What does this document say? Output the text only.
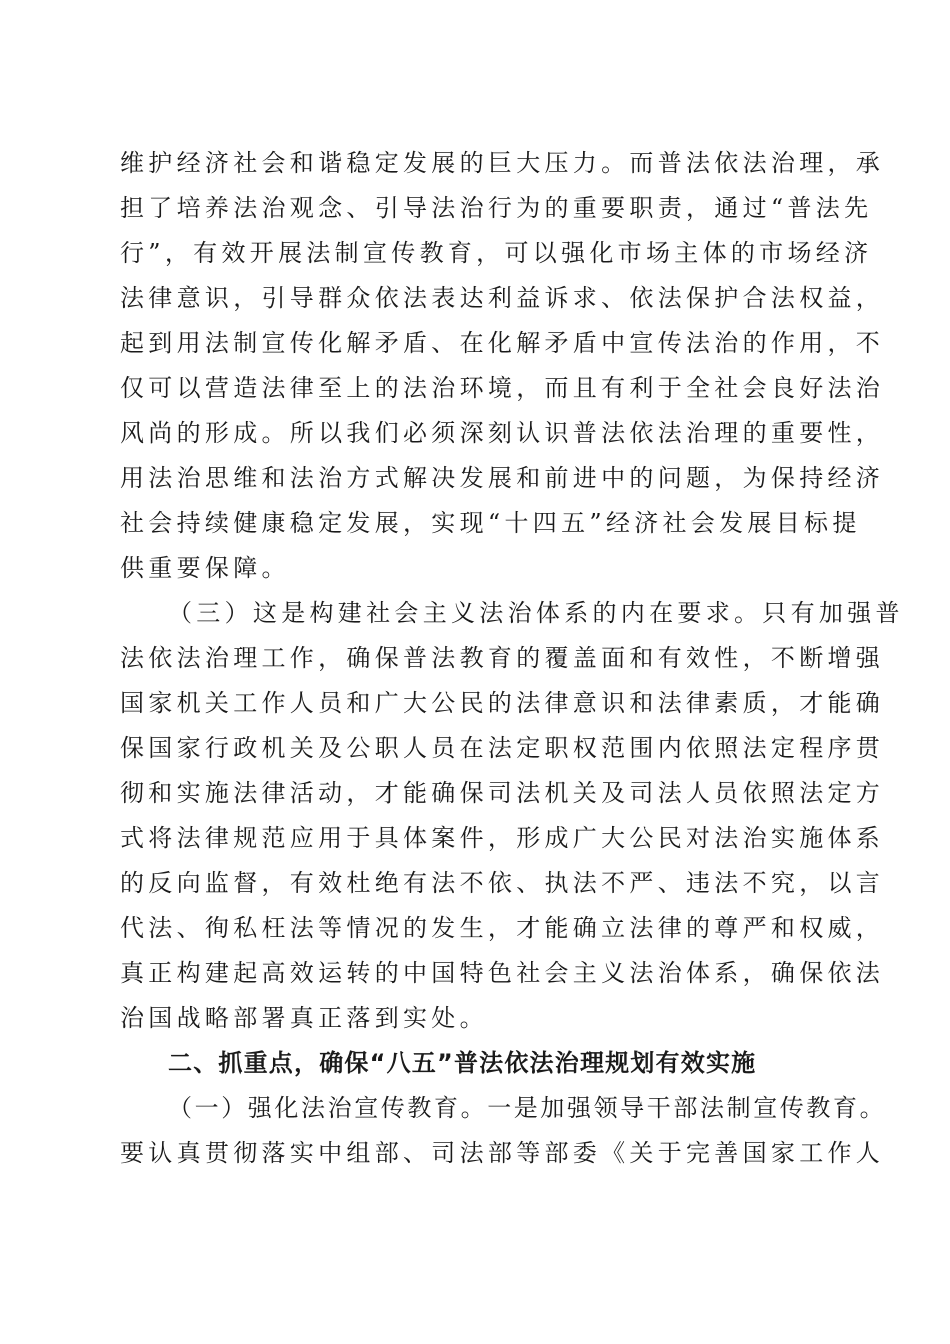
维护经济社会和谐稳定发展的巨大压力。而普法依法治理，承
担了培养法治观念、引导法治行为的重要职责，通过“普法先
行”，有效开展法制宣传教育，可以强化市场主体的市场经济
法律意识，引导群众依法表达利益诉求、依法保护合法权益，
起到用法制宣传化解矛盾、在化解矛盾中宣传法治的作用，不
仅可以营造法律至上的法治环境，而且有利于全社会良好法治
风尚的形成。所以我们必须深刻认识普法依法治理的重要性，
用法治思维和法治方式解决发展和前进中的问题，为保持经济
社会持续健康稳定发展，实现“十四五”经济社会发展目标提
供重要保障。
（三）这是构建社会主义法治体系的内在要求。只有加强普
法依法治理工作，确保普法教育的覆盖面和有效性，不断增强
国家机关工作人员和广大公民的法律意识和法律素质，才能确
保国家行政机关及公职人员在法定职权范围内依照法定程序贯
彻和实施法律活动，才能确保司法机关及司法人员依照法定方
式将法律规范应用于具体案件，形成广大公民对法治实施体系
的反向监督，有效杜绝有法不依、执法不严、违法不究，以言
代法、徇私枉法等情况的发生，才能确立法律的尊严和权威，
真正构建起高效运转的中国特色社会主义法治体系，确保依法
治国战略部署真正落到实处。
二、抓重点，确保“八五”普法依法治理规划有效实施
（一）强化法治宣传教育。一是加强领导干部法制宣传教育。
要认真贯彻落实中组部、司法部等部委《关于完善国家工作人
